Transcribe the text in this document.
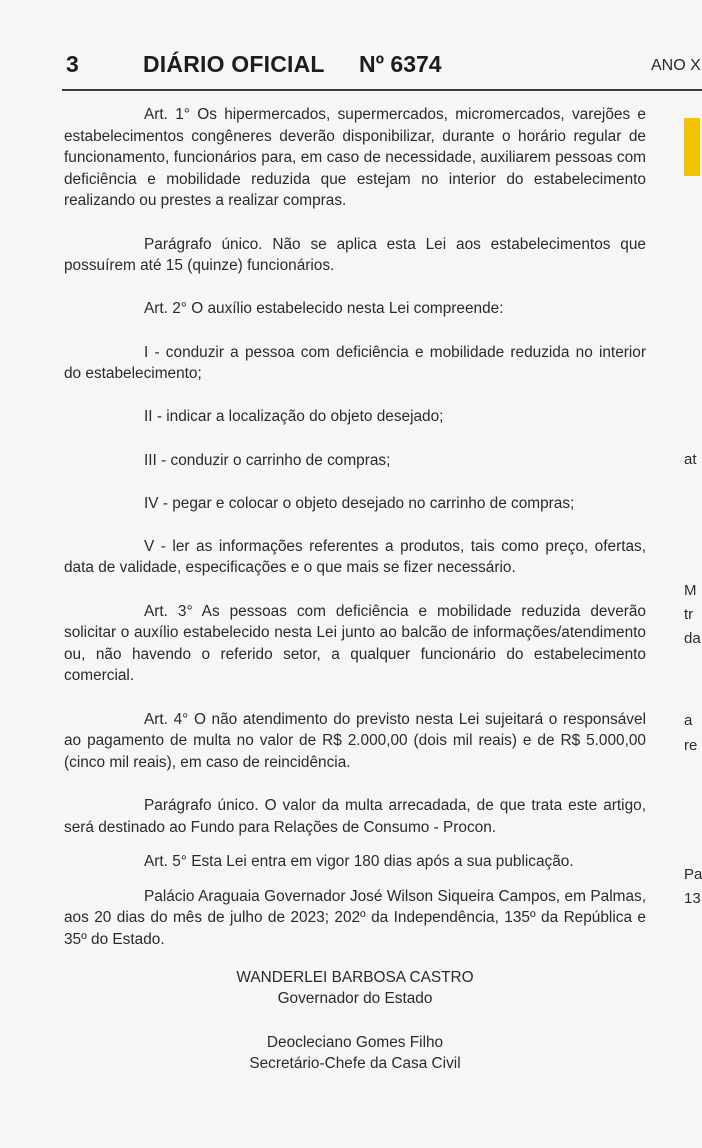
3	DIÁRIO OFICIAL Nº 6374	ANO X

Art. 1° Os hipermercados, supermercados, micromercados, varejões e estabelecimentos congêneres deverão disponibilizar, durante o horário regular de funcionamento, funcionários para, em caso de necessidade, auxiliarem pessoas com deficiência e mobilidade reduzida que estejam no interior do estabelecimento realizando ou prestes a realizar compras.

Parágrafo único. Não se aplica esta Lei aos estabelecimentos que possuírem até 15 (quinze) funcionários.

Art. 2° O auxílio estabelecido nesta Lei compreende:

I - conduzir a pessoa com deficiência e mobilidade reduzida no interior do estabelecimento;

II - indicar a localização do objeto desejado;

III - conduzir o carrinho de compras;

IV - pegar e colocar o objeto desejado no carrinho de compras;

V - ler as informações referentes a produtos, tais como preço, ofertas, data de validade, especificações e o que mais se fizer necessário.

Art. 3° As pessoas com deficiência e mobilidade reduzida deverão solicitar o auxílio estabelecido nesta Lei junto ao balcão de informações/atendimento ou, não havendo o referido setor, a qualquer funcionário do estabelecimento comercial.

Art. 4° O não atendimento do previsto nesta Lei sujeitará o responsável ao pagamento de multa no valor de R$ 2.000,00 (dois mil reais) e de R$ 5.000,00 (cinco mil reais), em caso de reincidência.

Parágrafo único. O valor da multa arrecadada, de que trata este artigo, será destinado ao Fundo para Relações de Consumo - Procon.

Art. 5° Esta Lei entra em vigor 180 dias após a sua publicação.

Palácio Araguaia Governador José Wilson Siqueira Campos, em Palmas, aos 20 dias do mês de julho de 2023; 202º da Independência, 135º da República e 35º do Estado.

WANDERLEI BARBOSA CASTRO
Governador do Estado
Deocleciano Gomes Filho
Secretário-Chefe da Casa Civil
at
M
tr
da
a
re
Pa
13
